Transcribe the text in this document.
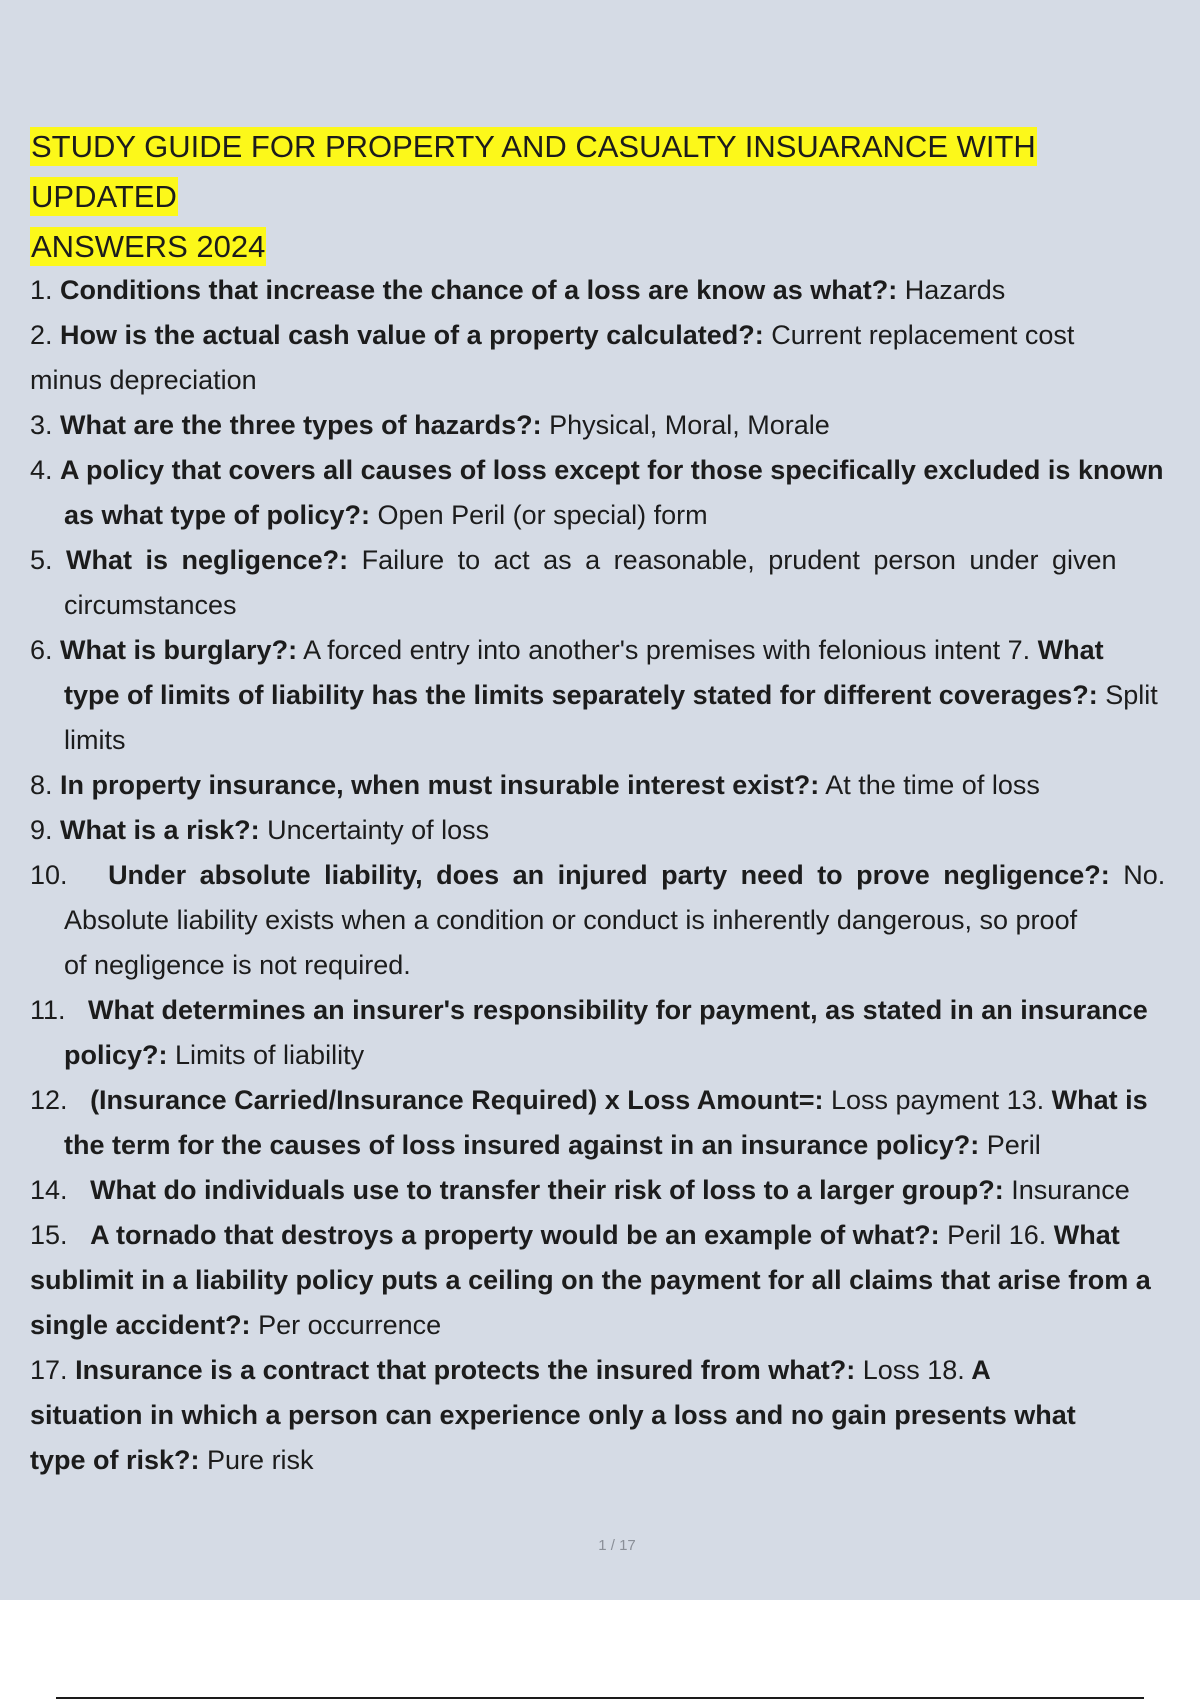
STUDY GUIDE FOR PROPERTY AND CASUALTY INSUARANCE WITH UPDATED
ANSWERS 2024
1. Conditions that increase the chance of a loss are know as what?: Hazards
2. How is the actual cash value of a property calculated?: Current replacement cost
minus depreciation
3. What are the three types of hazards?: Physical, Moral, Morale
4. A policy that covers all causes of loss except for those specifically excluded is known
as what type of policy?: Open Peril (or special) form
5. What is negligence?: Failure to act as a reasonable, prudent person under given
circumstances
6. What is burglary?: A forced entry into another's premises with felonious intent 7. What
type of limits of liability has the limits separately stated for different coverages?: Split
limits
8. In property insurance, when must insurable interest exist?: At the time of loss
9. What is a risk?: Uncertainty of loss
10. Under absolute liability, does an injured party need to prove negligence?: No.
Absolute liability exists when a condition or conduct is inherently dangerous, so proof
of negligence is not required.
11. What determines an insurer's responsibility for payment, as stated in an insurance
policy?: Limits of liability
12. (Insurance Carried/Insurance Required) x Loss Amount=: Loss payment 13. What is
the term for the causes of loss insured against in an insurance policy?: Peril
14. What do individuals use to transfer their risk of loss to a larger group?: Insurance
15. A tornado that destroys a property would be an example of what?: Peril 16. What
sublimit in a liability policy puts a ceiling on the payment for all claims that arise from a
single accident?: Per occurrence
17. Insurance is a contract that protects the insured from what?: Loss 18. A
situation in which a person can experience only a loss and no gain presents what
type of risk?: Pure risk
1 / 17
